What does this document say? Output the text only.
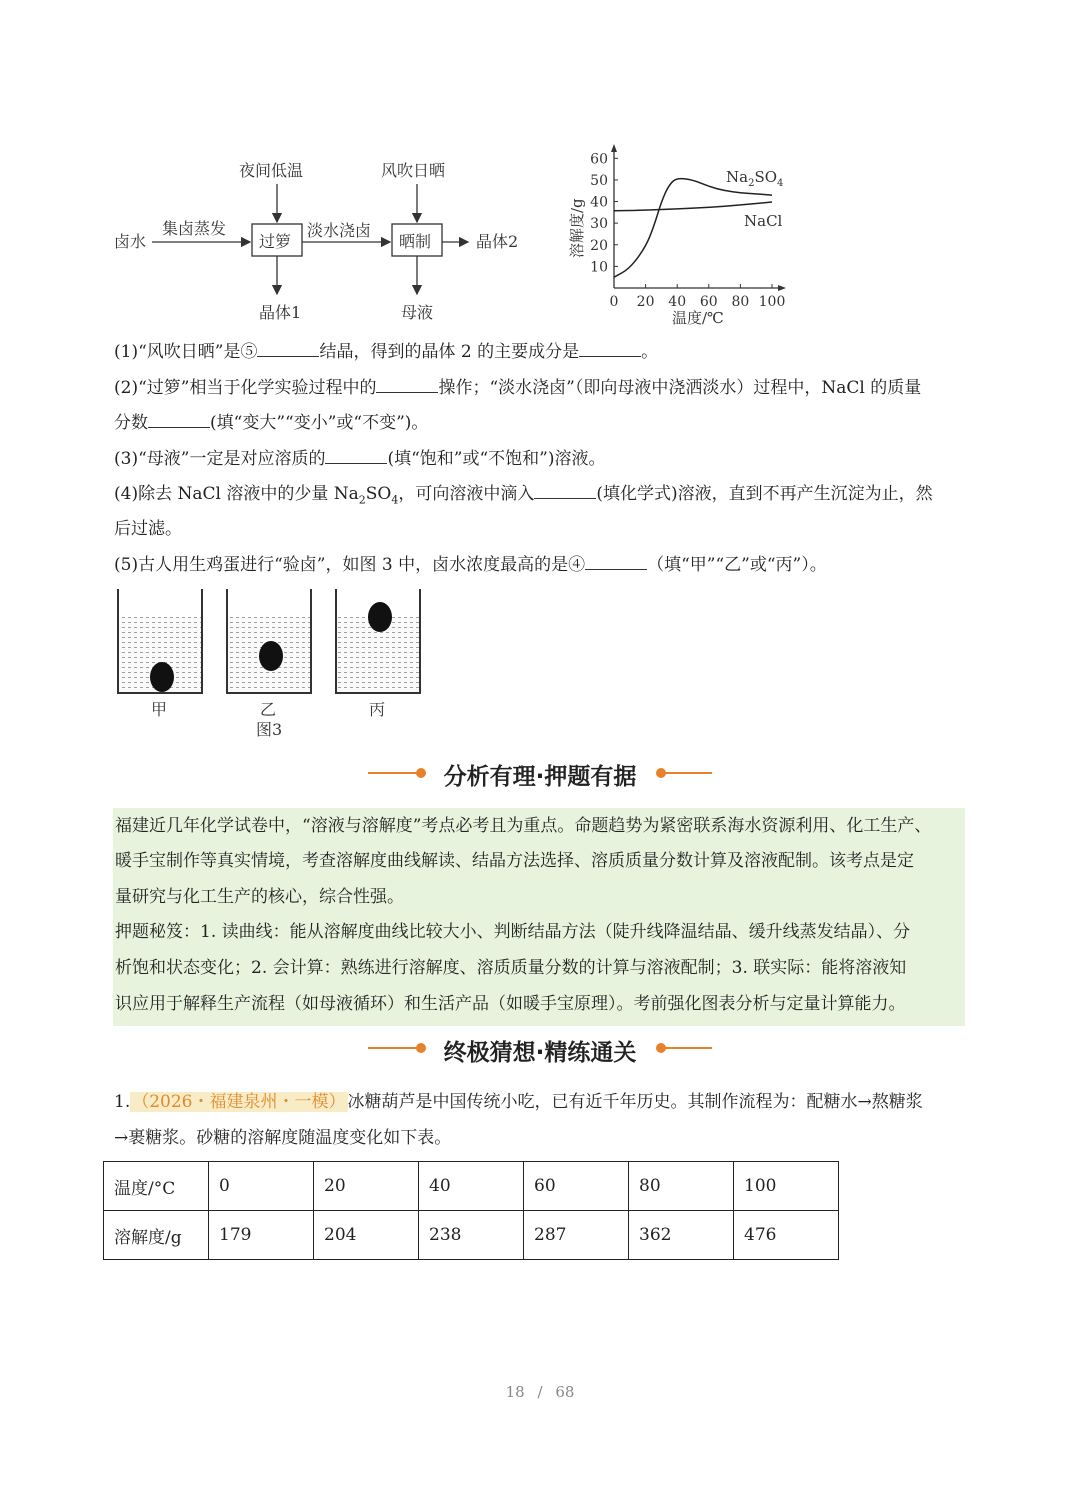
卤水
集卤蒸发
过箩
夜间低温
晶体1
淡水浇卤
晒制
风吹日晒
母液
晶体2	溶解度/g
10
20
30
40
50
60
0 20 40 60 80 100
$Na_2SO_4$
NaCl
温度/℃
(1)“风吹日晒”是⑤	结晶，得到的晶体 2 的主要成分是	。
(2)“过箩”相当于化学实验过程中的	操作；“淡水浇卤”（即向母液中浇洒淡水）过程中，NaCl 的质量
分数	(填“变大”“变小”或“不变”)。
(3)“母液”一定是对应溶质的	(填“饱和”或“不饱和”)溶液。
(4)除去 NaCl 溶液中的少量 $Na_2SO_4$，可向溶液中滴入	(填化学式)溶液，直到不再产生沉淀为止，然
后过滤。
(5)古人用生鸡蛋进行“验卤”，如图 3 中，卤水浓度最高的是④	（填“甲”“乙”或“丙”）。
甲	乙	丙
图3
分析有理·押题有据
福建近几年化学试卷中，“溶液与溶解度”考点必考且为重点。命题趋势为紧密联系海水资源利用、化工生产、
暖手宝制作等真实情境，考查溶解度曲线解读、结晶方法选择、溶质质量分数计算及溶液配制。该考点是定
量研究与化工生产的核心，综合性强。
押题秘笈：1. 读曲线：能从溶解度曲线比较大小、判断结晶方法（陡升线降温结晶、缓升线蒸发结晶）、分
析饱和状态变化；2. 会计算：熟练进行溶解度、溶质质量分数的计算与溶液配制；3. 联实际：能将溶液知
识应用于解释生产流程（如母液循环）和生活产品（如暖手宝原理）。考前强化图表分析与定量计算能力。
终极猜想·精练通关
1. （2026・福建泉州・一模） 冰糖葫芦是中国传统小吃，已有近千年历史。其制作流程为：配糖水→熬糖浆
→裹糖浆。砂糖的溶解度随温度变化如下表。
温度/°C	0	20	40	60	80	100
溶解度/g	179	204	238	287	362	476
18 / 68
